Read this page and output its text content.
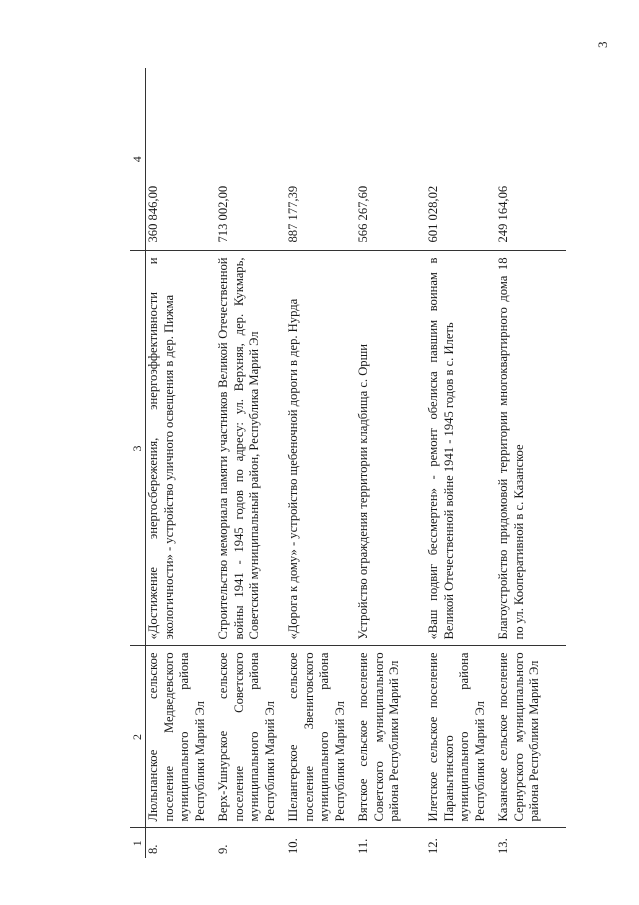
3
1	2	3	4
8.	Люльпанское сельское поселение Медведевского муниципального района Республики Марий Эл	«Достижение энергосбережения, энергоэффективности и экологичности» - устройство уличного освещения в дер. Пижма	360 846,00
9.	Верх-Ушнурское сельское поселение Советского муниципального района Республики Марий Эл	Строительство мемориала памяти участников Великой Отечественной войны 1941 - 1945 годов по адресу: ул. Верхняя, дер. Кукмарь, Советский муниципальный район, Республика Марий Эл	713 002,00
10.	Шелангерское сельское поселение Звениговского муниципального района Республики Марий Эл	«Дорога к дому» - устройство щебеночной дороги в дер. Нурда	887 177,39
11.	Вятское сельское поселение Советского муниципального района Республики Марий Эл	Устройство ограждения территории кладбища с. Орши	566 267,60
12.	Илетское сельское поселение Параньгинского муниципального района Республики Марий Эл	«Ваш подвиг бессмертен» - ремонт обелиска павшим воинам в Великой Отечественной войне 1941 - 1945 годов в с. Илеть	601 028,02
13.	Казанское сельское поселение Сернурского муниципального района Республики Марий Эл	Благоустройство придомовой территории многоквартирного дома 18 по ул. Кооперативной в с. Казанское	249 164,06
